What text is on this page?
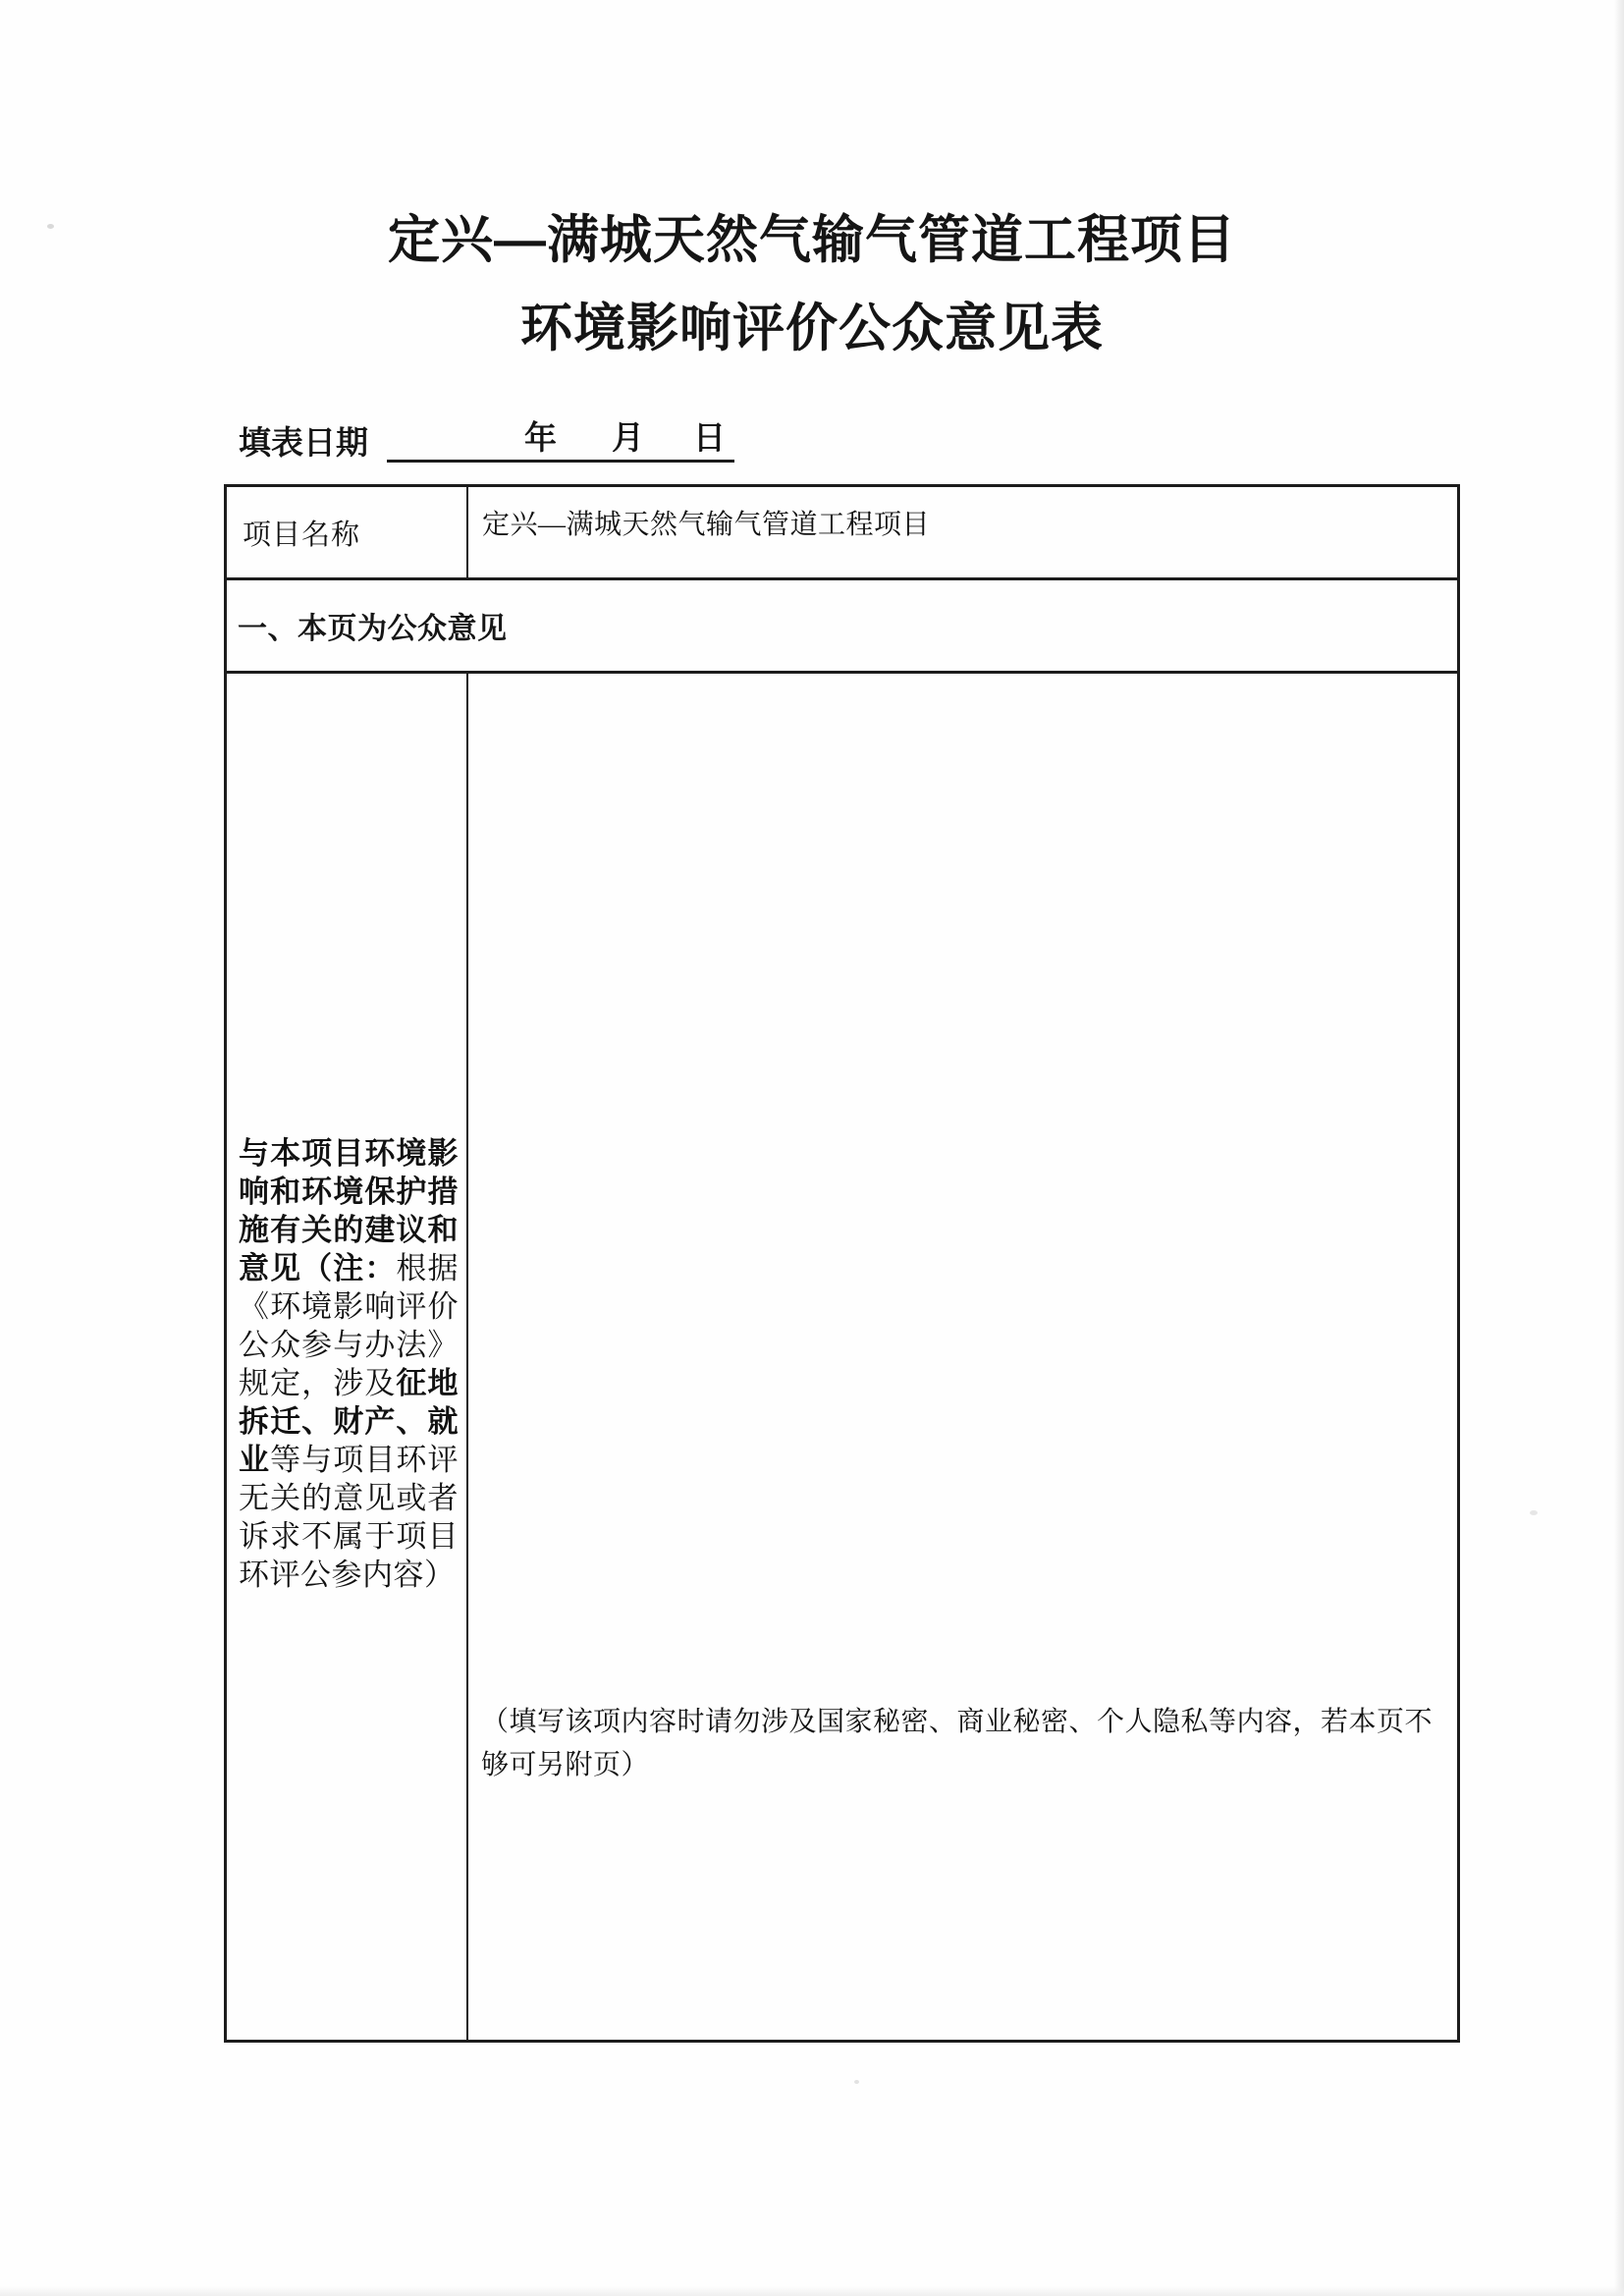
定兴—满城天然气输气管道工程项目
环境影响评价公众意见表
填表日期	年 月 日
项目名称	定兴—满城天然气输气管道工程项目
一、本页为公众意见
与本项目环境影响和环境保护措施有关的建议和意见（注：根据《环境影响评价公众参与办法》规定，涉及征地拆迁、财产、就业等与项目环评无关的意见或者诉求不属于项目环评公参内容）
（填写该项内容时请勿涉及国家秘密、商业秘密、个人隐私等内容，若本页不够可另附页）
